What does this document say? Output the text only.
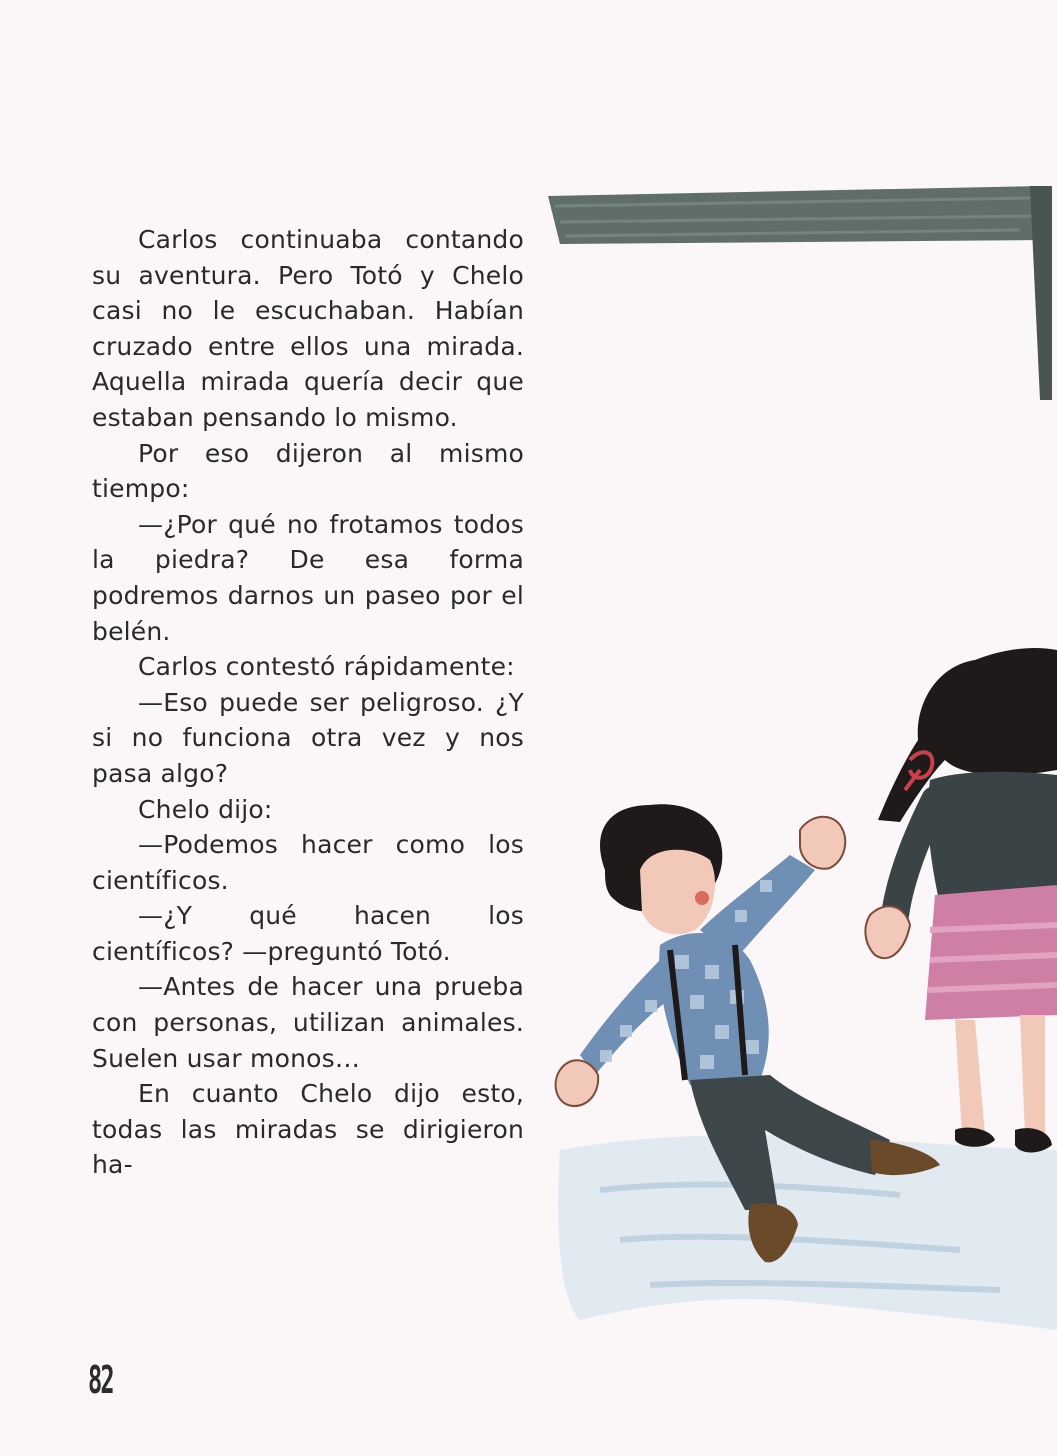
Carlos continuaba contando su aventura. Pero Totó y Chelo casi no le escuchaban. Habían cruzado entre ellos una mirada. Aquella mirada quería decir que estaban pensando lo mismo.

Por eso dijeron al mismo tiempo:

—¿Por qué no frotamos todos la piedra? De esa forma podremos darnos un paseo por el belén.

Carlos contestó rápidamente:

—Eso puede ser peligroso. ¿Y si no funciona otra vez y nos pasa algo?

Chelo dijo:

—Podemos hacer como los científicos.

—¿Y qué hacen los científicos? —preguntó Totó.

—Antes de hacer una prueba con personas, utilizan animales. Suelen usar monos…

En cuanto Chelo dijo esto, todas las miradas se dirigieron ha-

82
